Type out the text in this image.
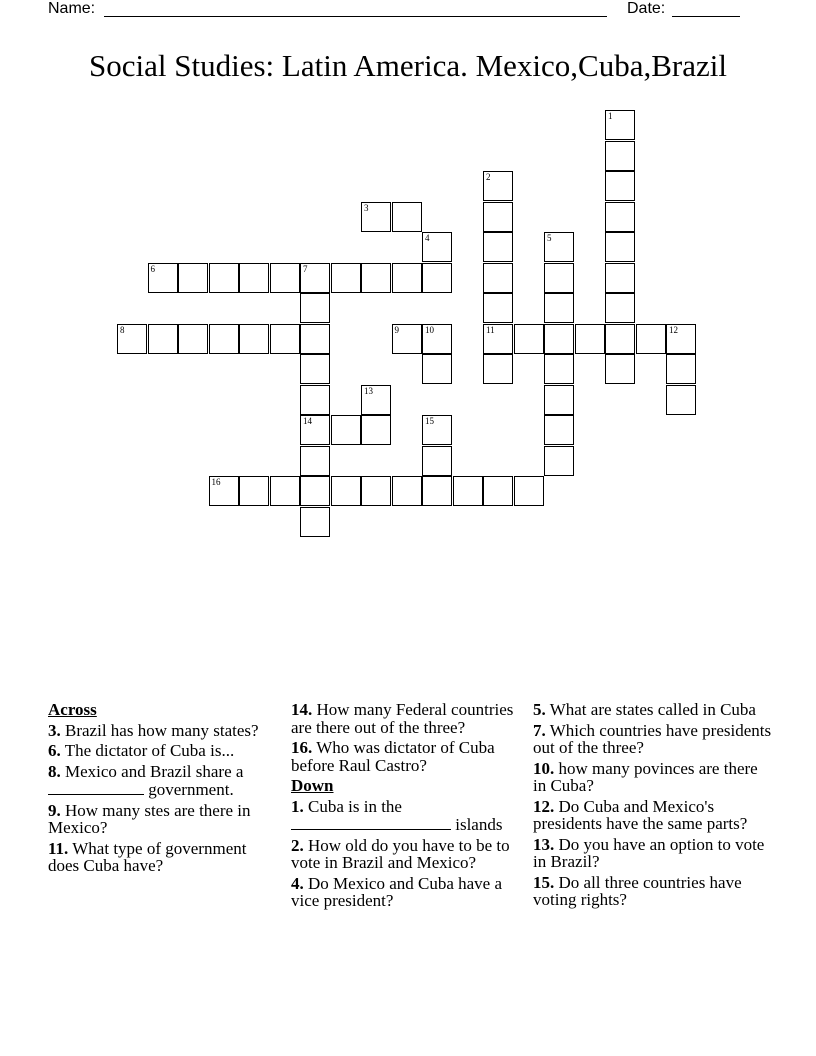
Name:	Date:
Social Studies: Latin America. Mexico,Cuba,Brazil
1
2
11
3
4	5
6	7
14
8	9	10	12
13
15
16
Across
3. Brazil has how many states?
6. The dictator of Cuba is...
8. Mexico and Brazil share a  government.
9. How many stes are there in Mexico?
11. What type of government does Cuba have?
14. How many Federal countries are there out of the three?
16. Who was dictator of Cuba before Raul Castro?
Down
1. Cuba is in the
islands
2. How old do you have to be to vote in Brazil and Mexico?
4. Do Mexico and Cuba have a vice president?
5. What are states called in Cuba
7. Which countries have presidents out of the three?
10. how many povinces are there in Cuba?
12. Do Cuba and Mexico's presidents have the same parts?
13. Do you have an option to vote in Brazil?
15. Do all three countries have voting rights?
